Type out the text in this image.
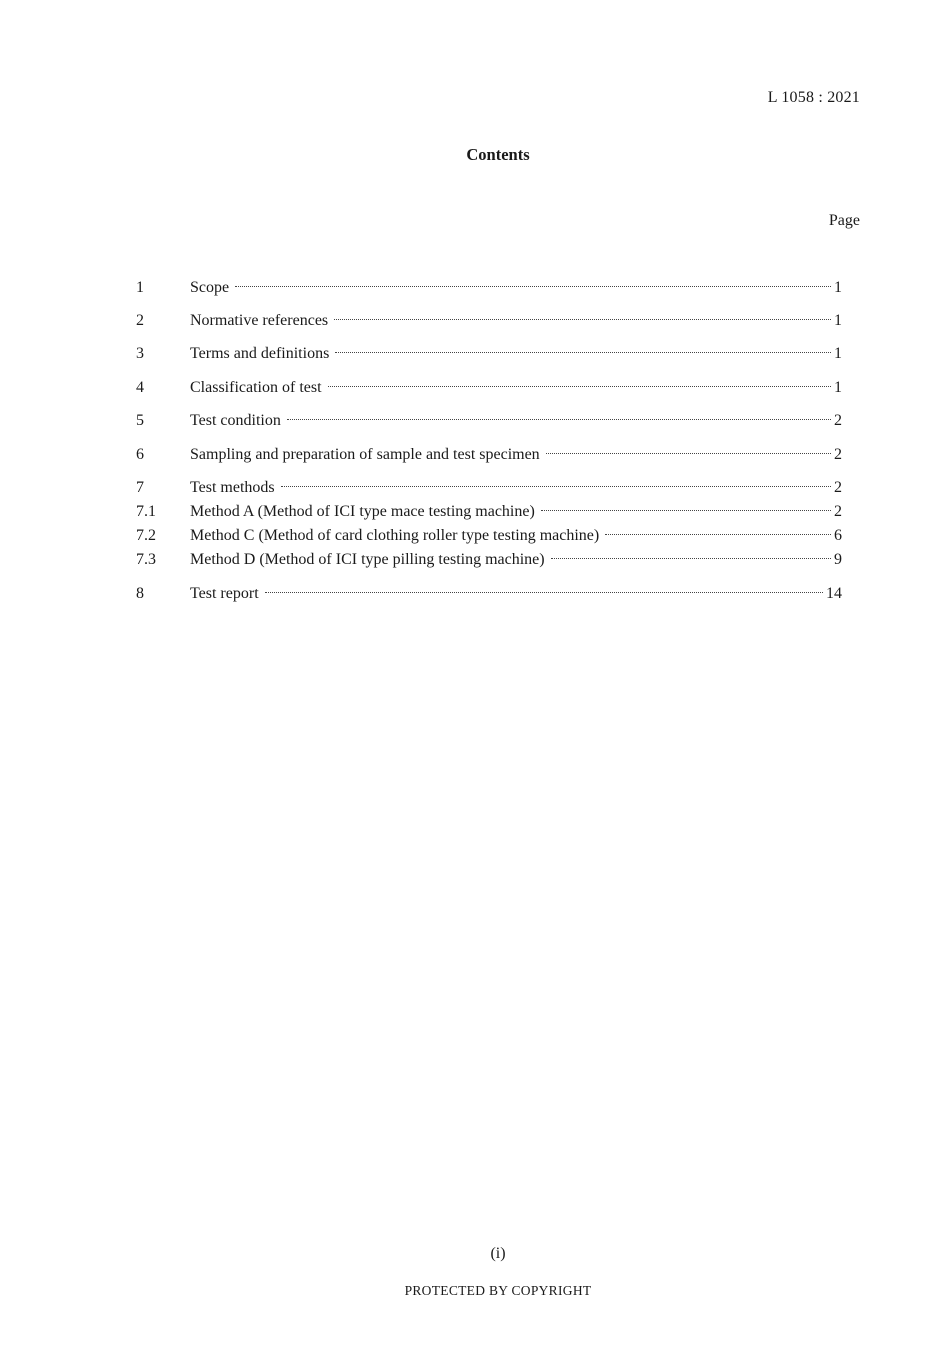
L 1058 : 2021
Contents
Page
1	Scope	1
2	Normative references	1
3	Terms and definitions	1
4	Classification of test	1
5	Test condition	2
6	Sampling and preparation of sample and test specimen	2
7	Test methods	2
7.1	Method A (Method of ICI type mace testing machine)	2
7.2	Method C (Method of card clothing roller type testing machine)	6
7.3	Method D (Method of ICI type pilling testing machine)	9
8	Test report	14
(i)
PROTECTED BY COPYRIGHT
